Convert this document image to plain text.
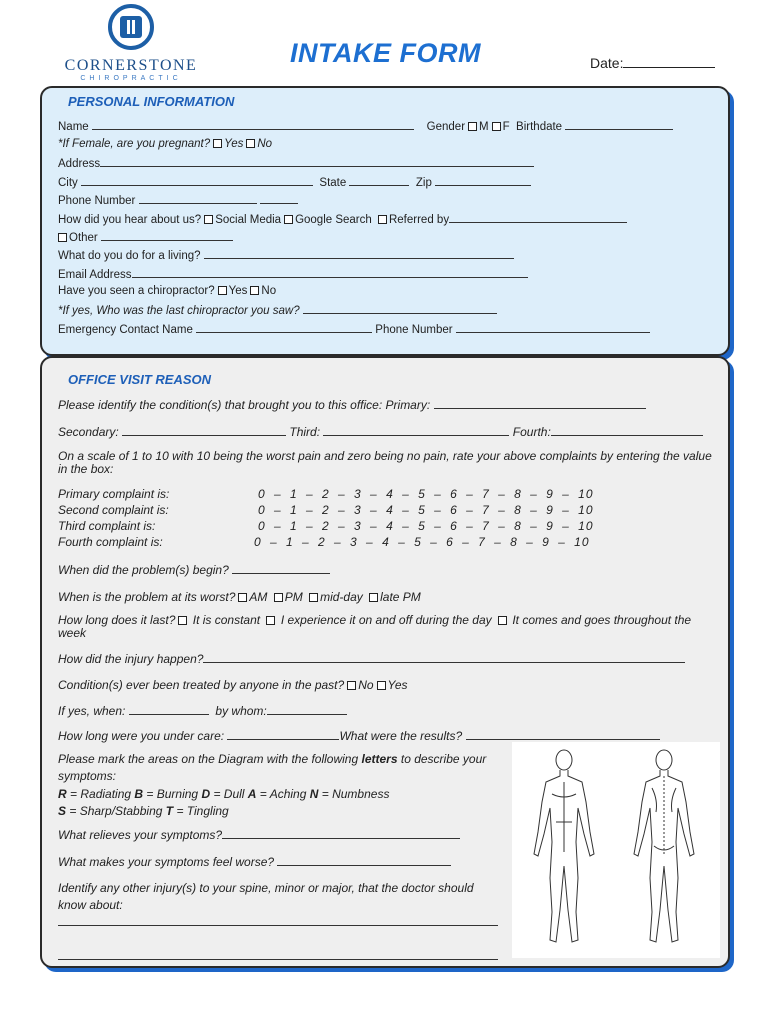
CORNERSTONE
CHIROPRACTIC
INTAKE FORM	Date:
PERSONAL INFORMATION
Name	Gender M F Birthdate
*If Female, are you pregnant? Yes No
Address
City	State	Zip
Phone Number
How did you hear about us? Social Media Google Search Referred by
Other
What do you do for a living?
Email Address
Have you seen a chiropractor? Yes No
*If yes, Who was the last chiropractor you saw?
Emergency Contact Name	Phone Number
OFFICE VISIT REASON
Please identify the condition(s) that brought you to this office: Primary:
Secondary:	Third:	Fourth:
On a scale of 1 to 10 with 10 being the worst pain and zero being no pain, rate your above complaints by entering the value in the box:
Primary complaint is:	0 – 1 – 2 – 3 – 4 – 5 – 6 – 7 – 8 – 9 – 10
Second complaint is:	0 – 1 – 2 – 3 – 4 – 5 – 6 – 7 – 8 – 9 – 10
Third complaint is:	0 – 1 – 2 – 3 – 4 – 5 – 6 – 7 – 8 – 9 – 10
Fourth complaint is:	0 – 1 – 2 – 3 – 4 – 5 – 6 – 7 – 8 – 9 – 10
When did the problem(s) begin?
When is the problem at its worst? AM PM mid-day late PM
How long does it last? It is constant I experience it on and off during the day It comes and goes throughout the week
How did the injury happen?
Condition(s) ever been treated by anyone in the past? No Yes
If yes, when:	by whom:
How long were you under care:	What were the results?
Please mark the areas on the Diagram with the following letters to describe your symptoms:
R = Radiating B = Burning D = Dull A = Aching N = Numbness
S = Sharp/Stabbing T = Tingling
What relieves your symptoms?
What makes your symptoms feel worse?
Identify any other injury(s) to your spine, minor or major, that the doctor should know about:
